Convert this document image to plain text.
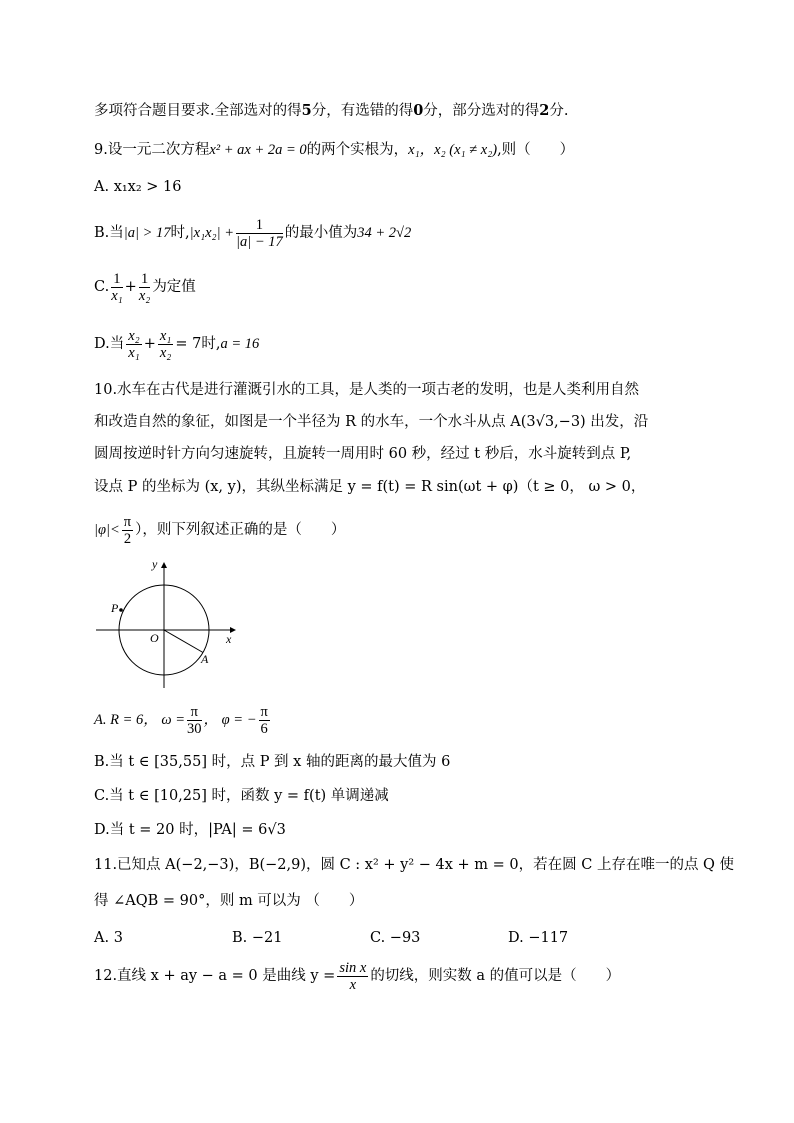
多项符合题目要求.全部选对的得5分，有选错的得0分，部分选对的得2分.
9.设一元二次方程x² + ax + 2a = 0的两个实根为，x₁，x₂ (x₁ ≠ x₂),则（　　）
A. x₁x₂ > 16
B.当|a| > 17时$,|x_1x_2| + \frac{1}{|a| - 17}$ 的最小值为34 + 2√2
C. $\frac{1}{\text{x₁}} + \frac{1}{\text{x₂}}$ 为定值
D.当 $\frac{\text{x₂}}{\text{x₁}} + \frac{\text{x₁}}{\text{x₂}} = 7$时,a = 16
10.水车在古代是进行灌溉引水的工具，是人类的一项古老的发明，也是人类利用自然
和改造自然的象征，如图是一个半径为 R 的水车，一个水斗从点 A(3√3,−3) 出发，沿
圆周按逆时针方向匀速旋转，且旋转一周用时 60 秒，经过 t 秒后，水斗旋转到点 P,
设点 P 的坐标为 (x, y)，其纵坐标满足 y = f(t) = R sin(ωt + φ)（t ≥ 0， ω > 0，
$|\varphi|< \frac{\pi}{2}$ ），则下列叙述正确的是（　　）
y
x
O
P
A
A. R = 6， $\omega = \frac{\pi}{30}$ ， φ = − $\frac{\pi}{6}$
B.当 t ∈ [35,55] 时，点 P 到 x 轴的距离的最大值为 6
C.当 t ∈ [10,25] 时，函数 y = f(t) 单调递减
D.当 t = 20 时，|PA| = 6√3
11.已知点 A(−2,−3)，B(−2,9)，圆 C : x² + y² − 4x + m = 0，若在圆 C 上存在唯一的点 Q 使
得 ∠AQB = 90°，则 m 可以为 （　　）
A. 3	B. −21	C. −93	D. −117
12.直线 x + ay − a = 0 是曲线 $y = \frac{\text{sin x}}{x}$ 的切线，则实数 a 的值可以是（　　）
